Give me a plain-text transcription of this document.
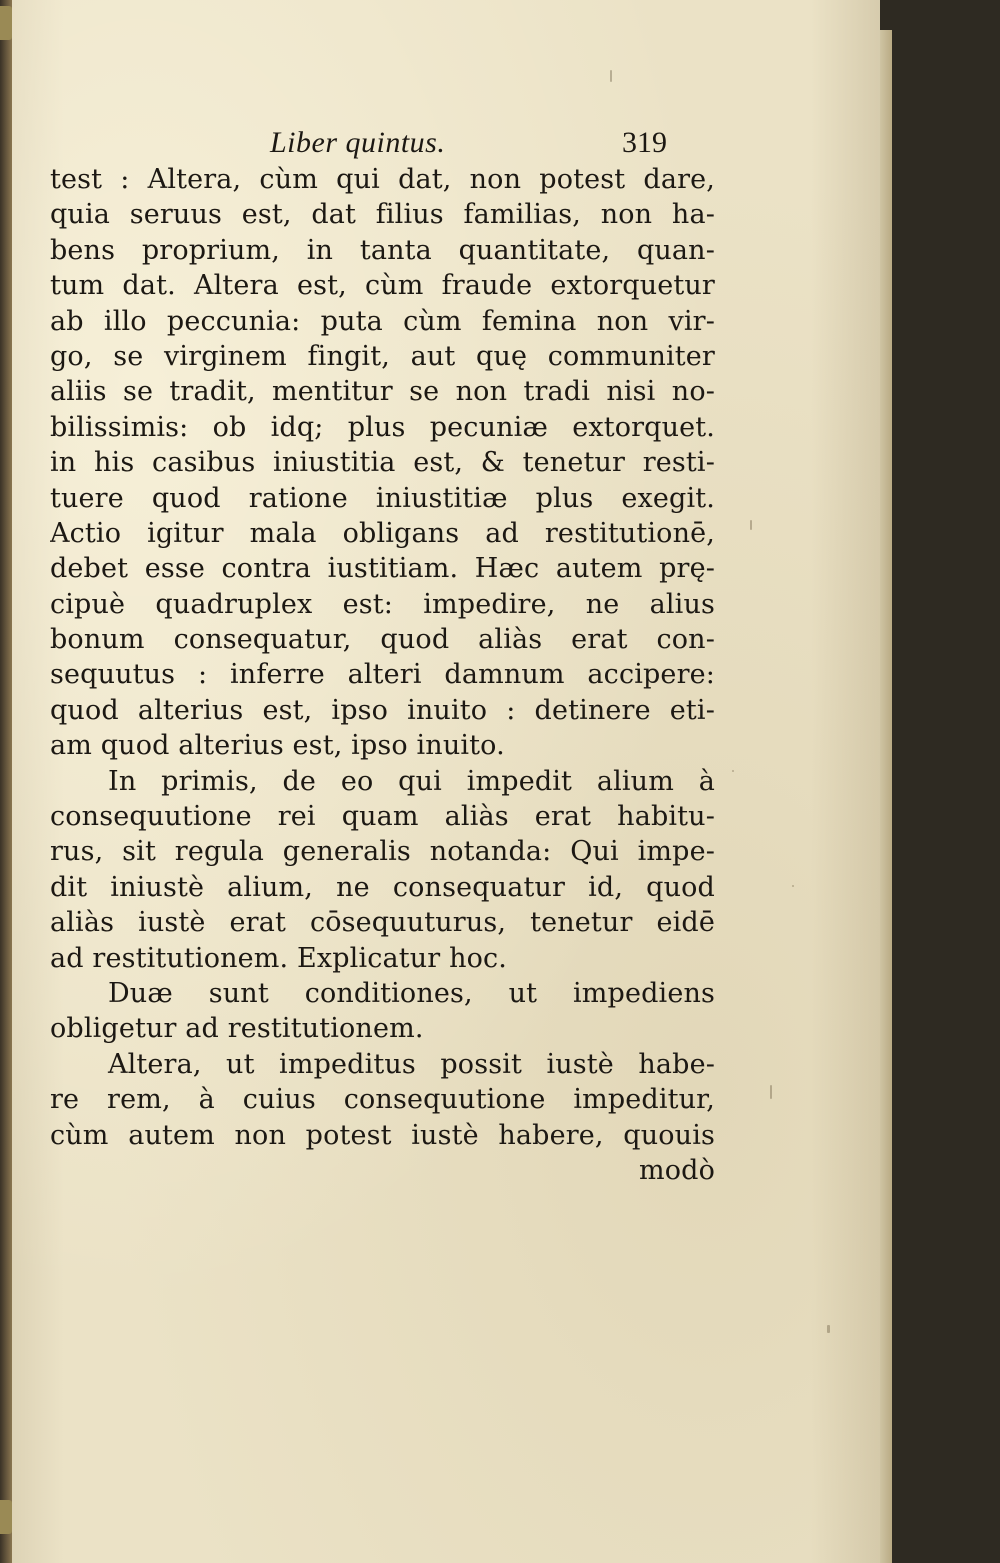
Liber quintus.	319
test : Altera, cùm qui dat, non potest dare,
quia seruus est, dat filius familias, non ha-
bens proprium, in tanta quantitate, quan-
tum dat. Altera est, cùm fraude extorquetur
ab illo peccunia: puta cùm femina non vir-
go, se virginem fingit, aut quę communiter
aliis se tradit, mentitur se non tradi nisi no-
bilissimis: ob idq; plus pecuniæ extorquet.
in his casibus iniustitia est, & tenetur resti-
tuere quod ratione iniustitiæ plus exegit.
Actio igitur mala obligans ad restitutionē,
debet esse contra iustitiam. Hæc autem prę-
cipuè quadruplex est: impedire, ne alius
bonum consequatur, quod aliàs erat con-
sequutus : inferre alteri damnum accipere:
quod alterius est, ipso inuito : detinere eti-
am quod alterius est, ipso inuito.
In primis, de eo qui impedit alium à
consequutione rei quam aliàs erat habitu-
rus, sit regula generalis notanda: Qui impe-
dit iniustè alium, ne consequatur id, quod
aliàs iustè erat cōsequuturus, tenetur eidē
ad restitutionem. Explicatur hoc.
Duæ sunt conditiones, ut impediens
obligetur ad restitutionem.
Altera, ut impeditus possit iustè habe-
re rem, à cuius consequutione impeditur,
cùm autem non potest iustè habere, quouis
modò
